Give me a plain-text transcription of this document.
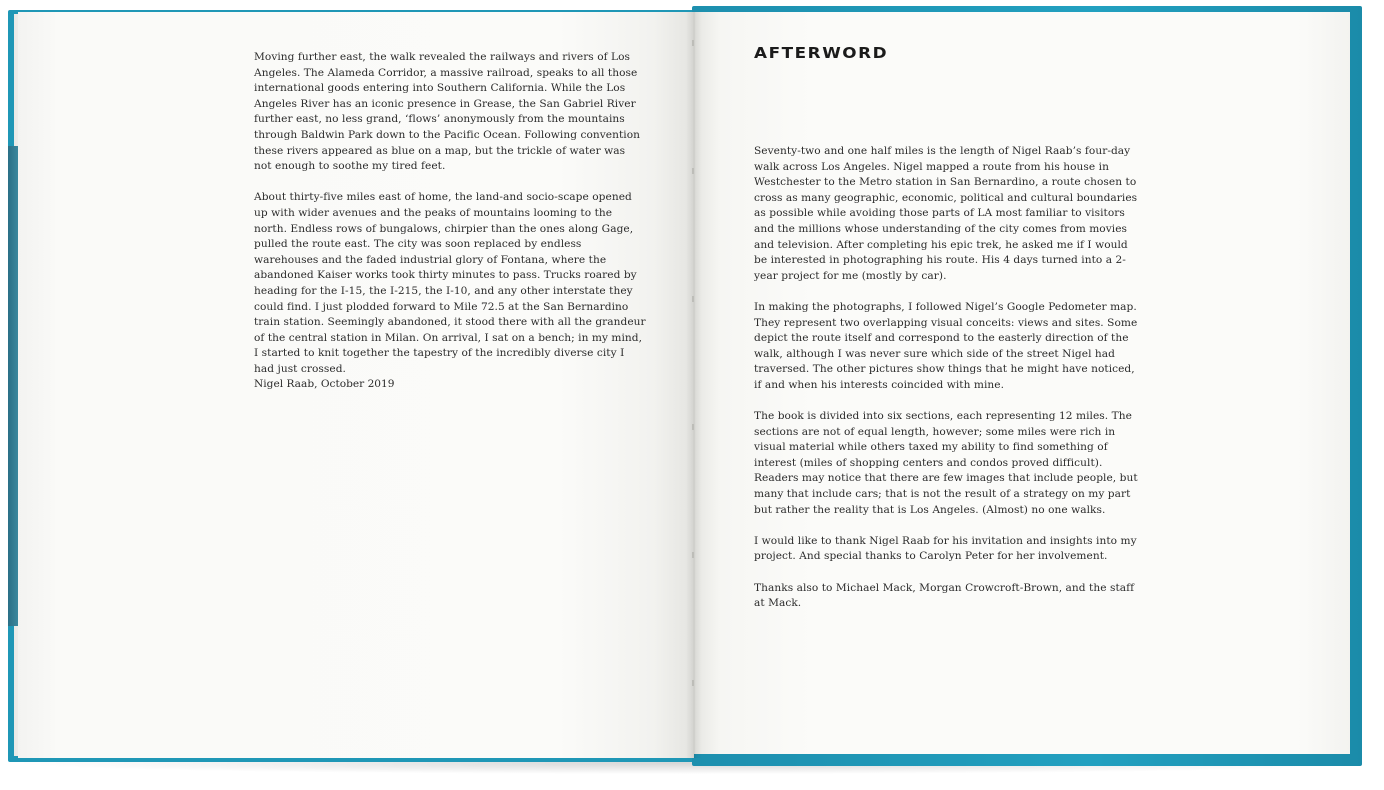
Moving further east, the walk revealed the railways and rivers of Los Angeles. The Alameda Corridor, a massive railroad, speaks to all those international goods entering into Southern California. While the Los Angeles River has an iconic presence in Grease, the San Gabriel River further east, no less grand, ‘flows’ anonymously from the mountains through Baldwin Park down to the Pacific Ocean. Following convention these rivers appeared as blue on a map, but the trickle of water was not enough to soothe my tired feet.

About thirty-five miles east of home, the land-and socio-scape opened up with wider avenues and the peaks of mountains looming to the north. Endless rows of bungalows, chirpier than the ones along Gage, pulled the route east. The city was soon replaced by endless warehouses and the faded industrial glory of Fontana, where the abandoned Kaiser works took thirty minutes to pass. Trucks roared by heading for the I-15, the I-215, the I-10, and any other interstate they could find. I just plodded forward to Mile 72.5 at the San Bernardino train station. Seemingly abandoned, it stood there with all the grandeur of the central station in Milan. On arrival, I sat on a bench; in my mind, I started to knit together the tapestry of the incredibly diverse city I had just crossed.

Nigel Raab, October 2019

AFTERWORD

Seventy-two and one half miles is the length of Nigel Raab’s four-day walk across Los Angeles. Nigel mapped a route from his house in Westchester to the Metro station in San Bernardino, a route chosen to cross as many geographic, economic, political and cultural boundaries as possible while avoiding those parts of LA most familiar to visitors and the millions whose understanding of the city comes from movies and television. After completing his epic trek, he asked me if I would be interested in photographing his route. His 4 days turned into a 2-year project for me (mostly by car).

In making the photographs, I followed Nigel’s Google Pedometer map. They represent two overlapping visual conceits: views and sites. Some depict the route itself and correspond to the easterly direction of the walk, although I was never sure which side of the street Nigel had traversed. The other pictures show things that he might have noticed, if and when his interests coincided with mine.

The book is divided into six sections, each representing 12 miles. The sections are not of equal length, however; some miles were rich in visual material while others taxed my ability to find something of interest (miles of shopping centers and condos proved difficult). Readers may notice that there are few images that include people, but many that include cars; that is not the result of a strategy on my part but rather the reality that is Los Angeles. (Almost) no one walks.

I would like to thank Nigel Raab for his invitation and insights into my project. And special thanks to Carolyn Peter for her involvement.

Thanks also to Michael Mack, Morgan Crowcroft-Brown, and the staff at Mack.
